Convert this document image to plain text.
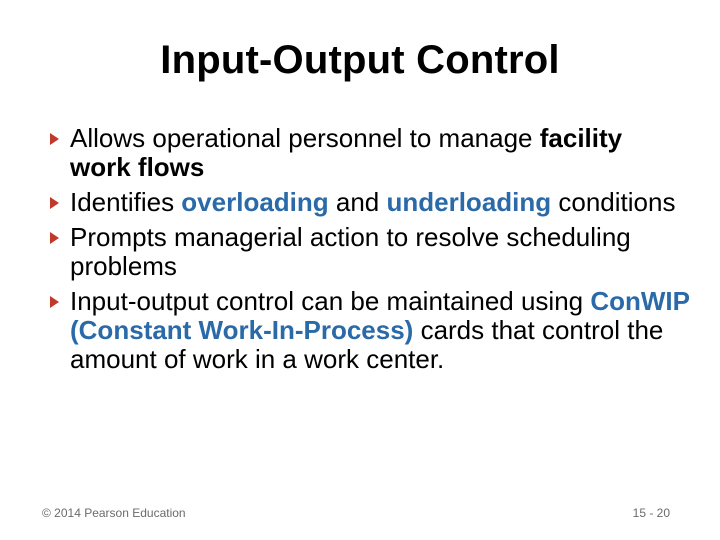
Input-Output Control
Allows operational personnel to manage facility work flows
Identifies overloading and underloading conditions
Prompts managerial action to resolve scheduling problems
Input-output control can be maintained using ConWIP (Constant Work-In-Process) cards that control the amount of work in a work center.
© 2014 Pearson Education	15 - 20
